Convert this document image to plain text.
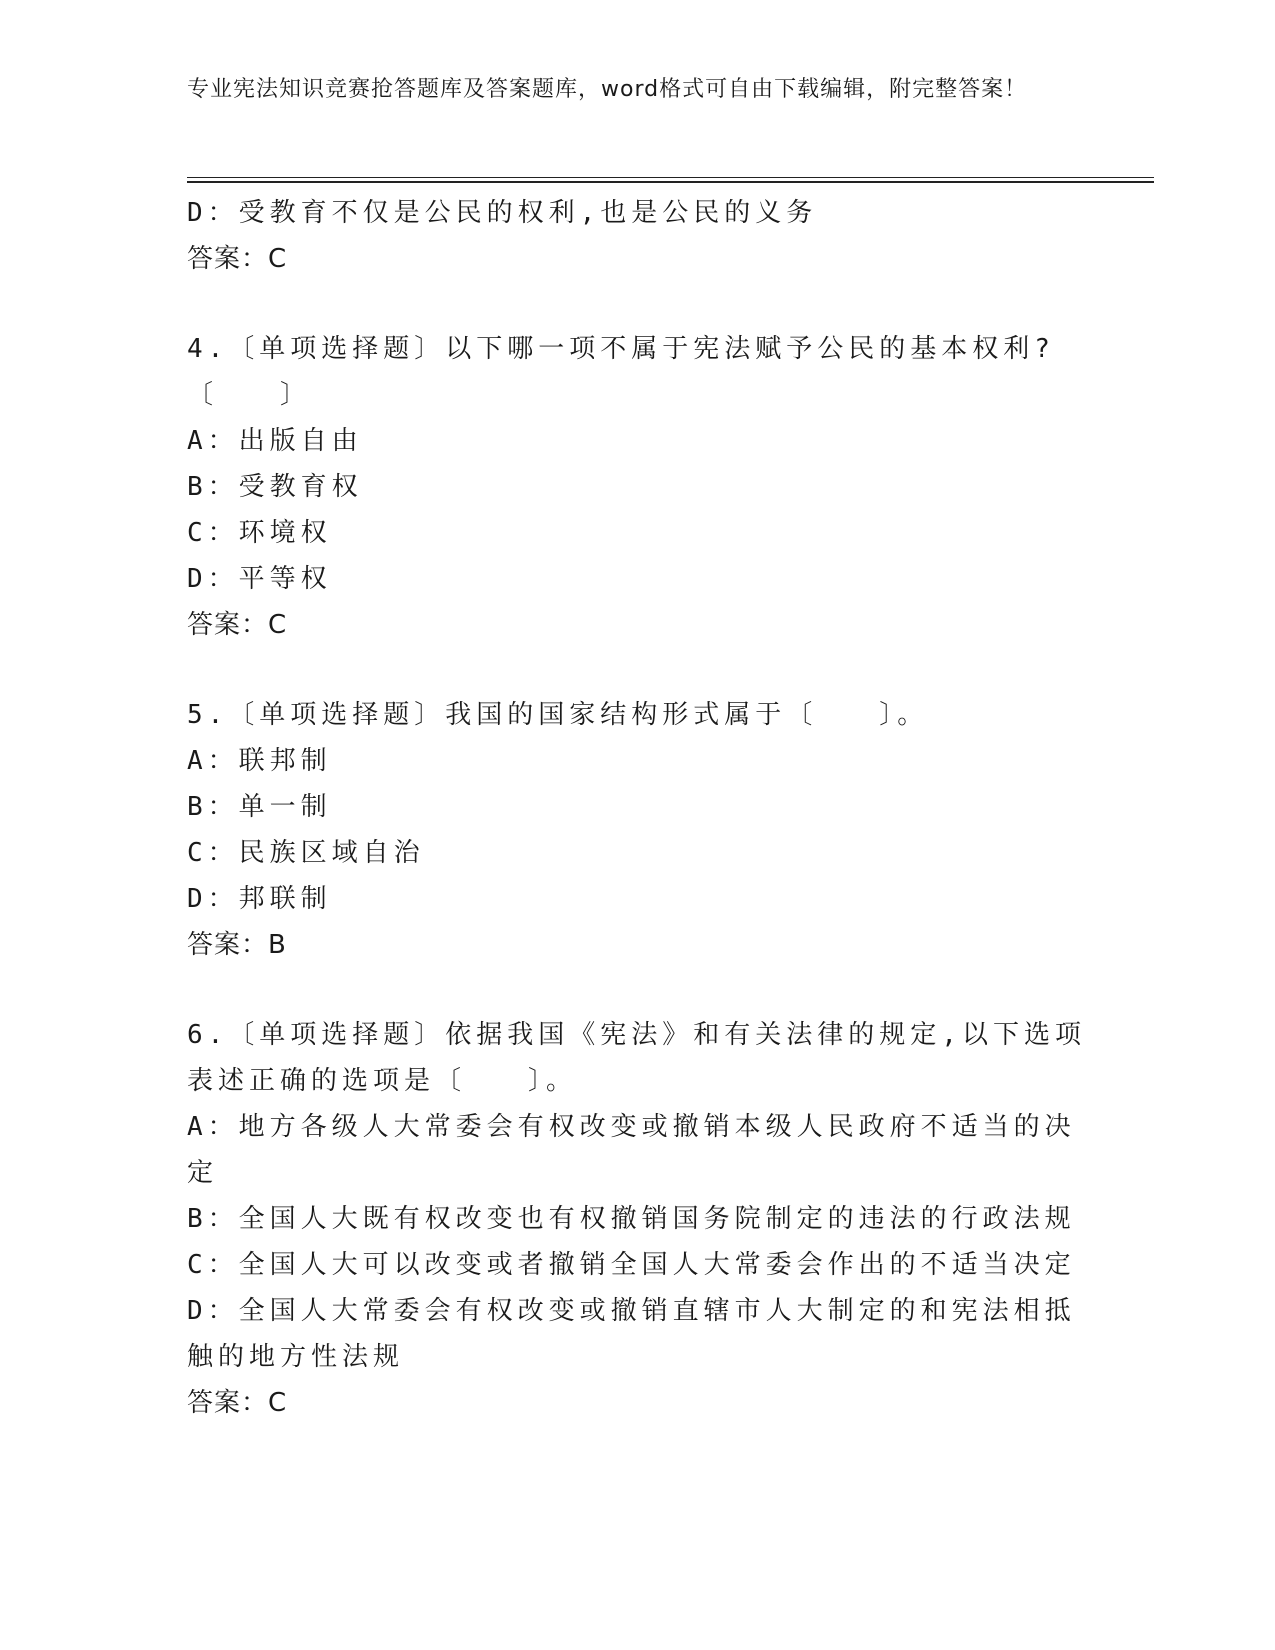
专业宪法知识竞赛抢答题库及答案题库，word格式可自由下载编辑，附完整答案！

D：受教育不仅是公民的权利,也是公民的义务

答案：C

4.〔单项选择题〕以下哪一项不属于宪法赋予公民的基本权利?〔　　〕

A：出版自由

B：受教育权

C：环境权

D：平等权

答案：C

5.〔单项选择题〕我国的国家结构形式属于〔　　〕。

A：联邦制

B：单一制

C：民族区域自治

D：邦联制

答案：B

6.〔单项选择题〕依据我国《宪法》和有关法律的规定,以下选项表述正确的选项是〔　　〕。

A：地方各级人大常委会有权改变或撤销本级人民政府不适当的决定

B：全国人大既有权改变也有权撤销国务院制定的违法的行政法规

C：全国人大可以改变或者撤销全国人大常委会作出的不适当决定

D：全国人大常委会有权改变或撤销直辖市人大制定的和宪法相抵触的地方性法规

答案：C
